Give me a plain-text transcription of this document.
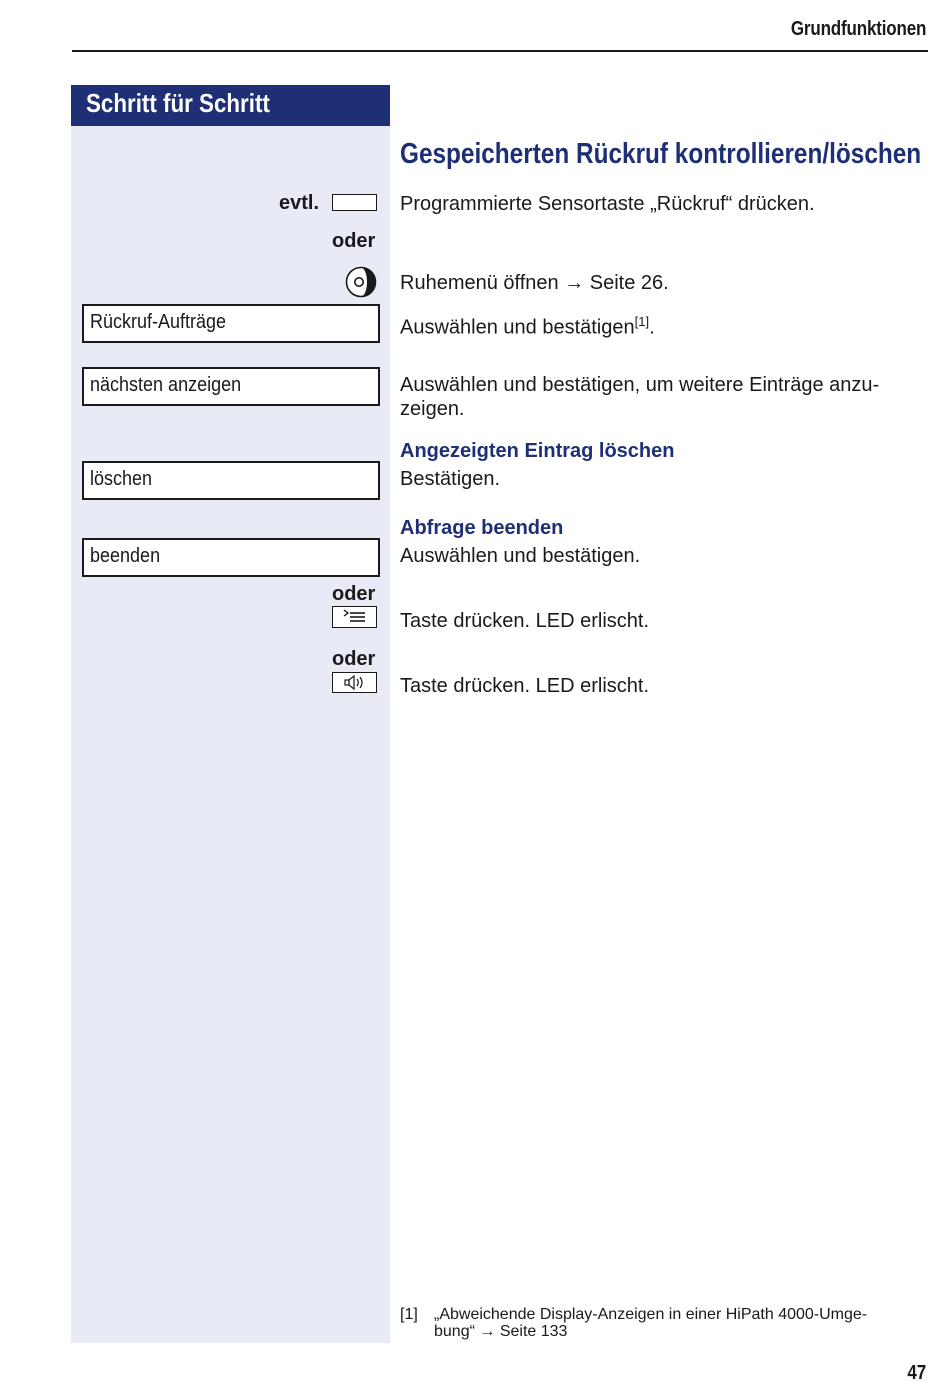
Grundfunktionen
Schritt für Schritt
Gespeicherten Rückruf kontrollieren/löschen
evtl.	Programmierte Sensortaste „Rückruf“ drücken.
oder
Ruhemenü öffnen → Seite 26.
Rückruf-Aufträge	Auswählen und bestätigen[1].
nächsten anzeigen	Auswählen und bestätigen, um weitere Einträge anzu-
zeigen.
Angezeigten Eintrag löschen
löschen	Bestätigen.
Abfrage beenden
beenden	Auswählen und bestätigen.
oder
Taste drücken. LED erlischt.
oder
Taste drücken. LED erlischt.
[1] „Abweichende Display-Anzeigen in einer HiPath 4000-Umge-
bung“ → Seite 133
47
